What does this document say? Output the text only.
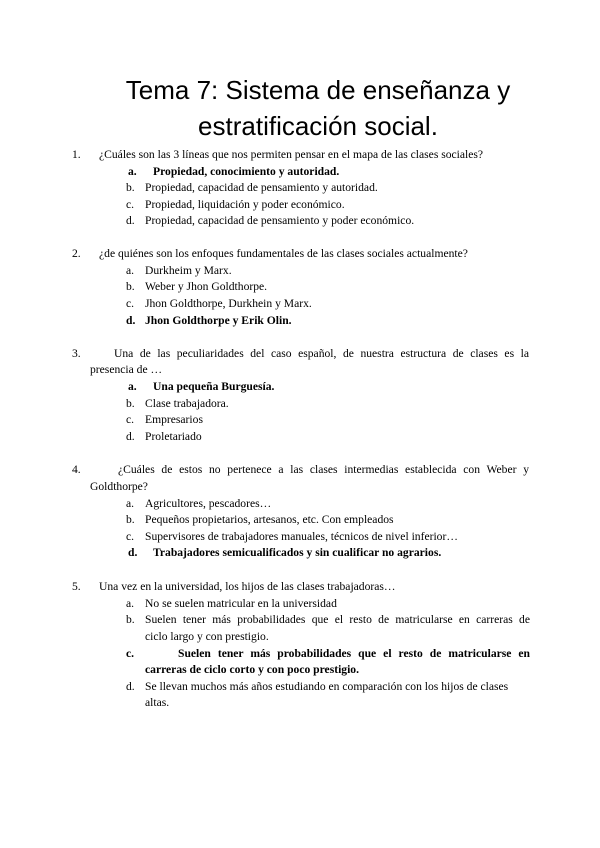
Tema 7: Sistema de enseñanza y
estratificación social.
1. ¿Cuáles son las 3 líneas que nos permiten pensar en el mapa de las clases sociales?
a. Propiedad, conocimiento y autoridad.
b. Propiedad, capacidad de pensamiento y autoridad.
c. Propiedad, liquidación y poder económico.
d. Propiedad, capacidad de pensamiento y poder económico.
2. ¿de quiénes son los enfoques fundamentales de las clases sociales actualmente?
a. Durkheim y Marx.
b. Weber y Jhon Goldthorpe.
c. Jhon Goldthorpe, Durkhein y Marx.
d. Jhon Goldthorpe y Erik Olin.
3.	Una de las peculiaridades del caso español, de nuestra estructura de clases es la
presencia de …
a. Una pequeña Burguesía.
b. Clase trabajadora.
c. Empresarios
d. Proletariado
4.	¿Cuáles de estos no pertenece a las clases intermedias establecida con Weber y
Goldthorpe?
a. Agricultores, pescadores…
b. Pequeños propietarios, artesanos, etc. Con empleados
c. Supervisores de trabajadores manuales, técnicos de nivel inferior…
d. Trabajadores semicualificados y sin cualificar no agrarios.
5. Una vez en la universidad, los hijos de las clases trabajadoras…
a. No se suelen matricular en la universidad
b. Suelen tener más probabilidades que el resto de matricularse en carreras de
ciclo largo y con prestigio.
c.	Suelen tener más probabilidades que el resto de matricularse en
carreras de ciclo corto y con poco prestigio.
d. Se llevan muchos más años estudiando en comparación con los hijos de clases
altas.
